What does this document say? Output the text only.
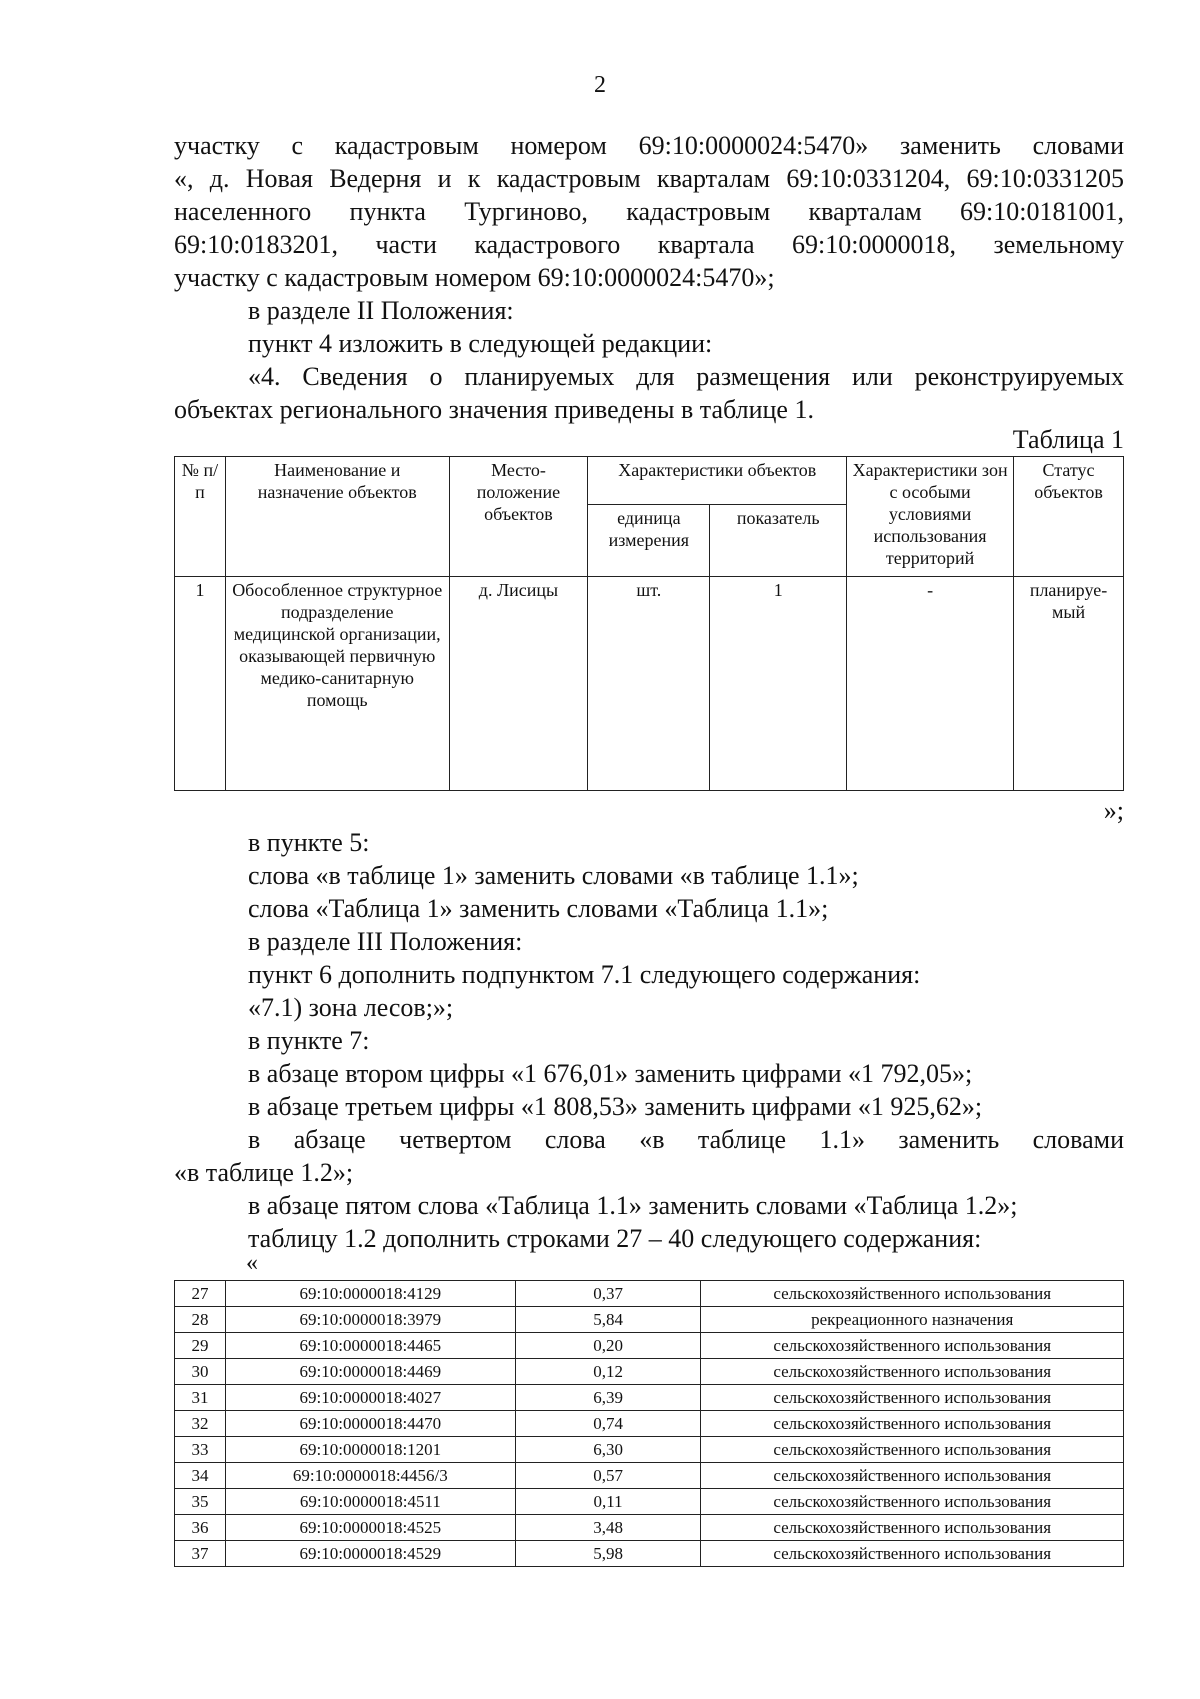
2

участку с кадастровым номером 69:10:0000024:5470» заменить словами

«, д. Новая Ведерня и к кадастровым кварталам 69:10:0331204, 69:10:0331205

населенного пункта Тургиново, кадастровым кварталам 69:10:0181001,

69:10:0183201, части кадастрового квартала 69:10:0000018, земельному

участку с кадастровым номером 69:10:0000024:5470»;

в разделе II Положения:

пункт 4 изложить в следующей редакции:

«4. Сведения о планируемых для размещения или реконструируемых

объектах регионального значения приведены в таблице 1.

Таблица 1
№ п/п	Наименование и назначение объектов	Место-положение объектов	Характеристики объектов		Характеристики зон с особыми условиями использования территорий	Статус объектов
			единица измерения	показатель		
1	Обособленное структурное подразделение медицинской организации, оказывающей первичную медико-санитарную помощь	д. Лисицы	шт.	1	-	планируе-мый
»;

в пункте 5:

слова «в таблице 1» заменить словами «в таблице 1.1»;

слова «Таблица 1» заменить словами «Таблица 1.1»;

в разделе III Положения:

пункт 6 дополнить подпунктом 7.1 следующего содержания:

«7.1) зона лесов;»;

в пункте 7:

в абзаце втором цифры «1 676,01» заменить цифрами «1 792,05»;

в абзаце третьем цифры «1 808,53» заменить цифрами «1 925,62»;

в абзаце четвертом слова «в таблице 1.1» заменить словами

«в таблице 1.2»;

в абзаце пятом слова «Таблица 1.1» заменить словами «Таблица 1.2»;

таблицу 1.2 дополнить строками 27 – 40 следующего содержания:

«
27	69:10:0000018:4129	0,37	сельскохозяйственного использования
28	69:10:0000018:3979	5,84	рекреационного назначения
29	69:10:0000018:4465	0,20	сельскохозяйственного использования
30	69:10:0000018:4469	0,12	сельскохозяйственного использования
31	69:10:0000018:4027	6,39	сельскохозяйственного использования
32	69:10:0000018:4470	0,74	сельскохозяйственного использования
33	69:10:0000018:1201	6,30	сельскохозяйственного использования
34	69:10:0000018:4456/3	0,57	сельскохозяйственного использования
35	69:10:0000018:4511	0,11	сельскохозяйственного использования
36	69:10:0000018:4525	3,48	сельскохозяйственного использования
37	69:10:0000018:4529	5,98	сельскохозяйственного использования
